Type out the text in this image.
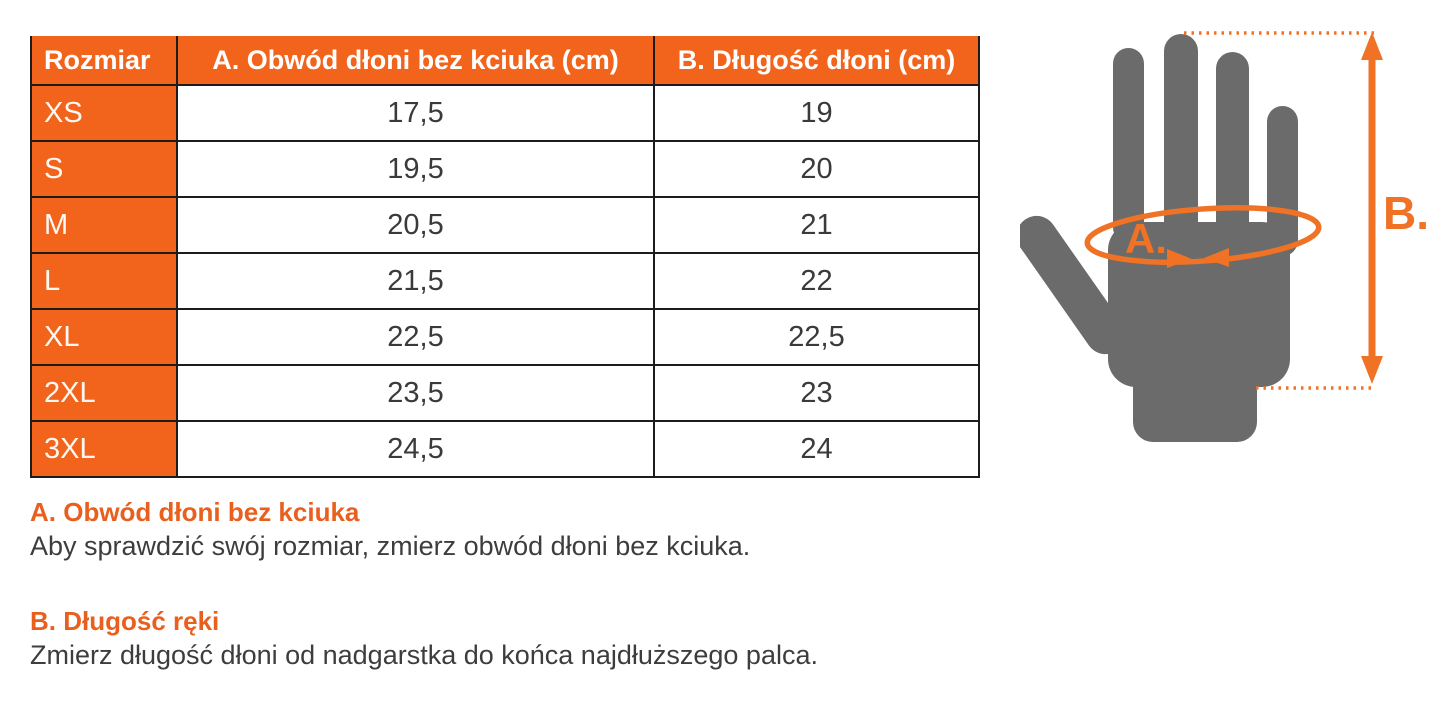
Rozmiar	A. Obwód dłoni bez kciuka (cm)	B. Długość dłoni (cm)
XS	17,5	19
S	19,5	20
M	20,5	21
L	21,5	22
XL	22,5	22,5
2XL	23,5	23
3XL	24,5	24
A. Obwód dłoni bez kciuka
Aby sprawdzić swój rozmiar, zmierz obwód dłoni bez kciuka.
B. Długość ręki
Zmierz długość dłoni od nadgarstka do końca najdłuższego palca.
A.	B.
